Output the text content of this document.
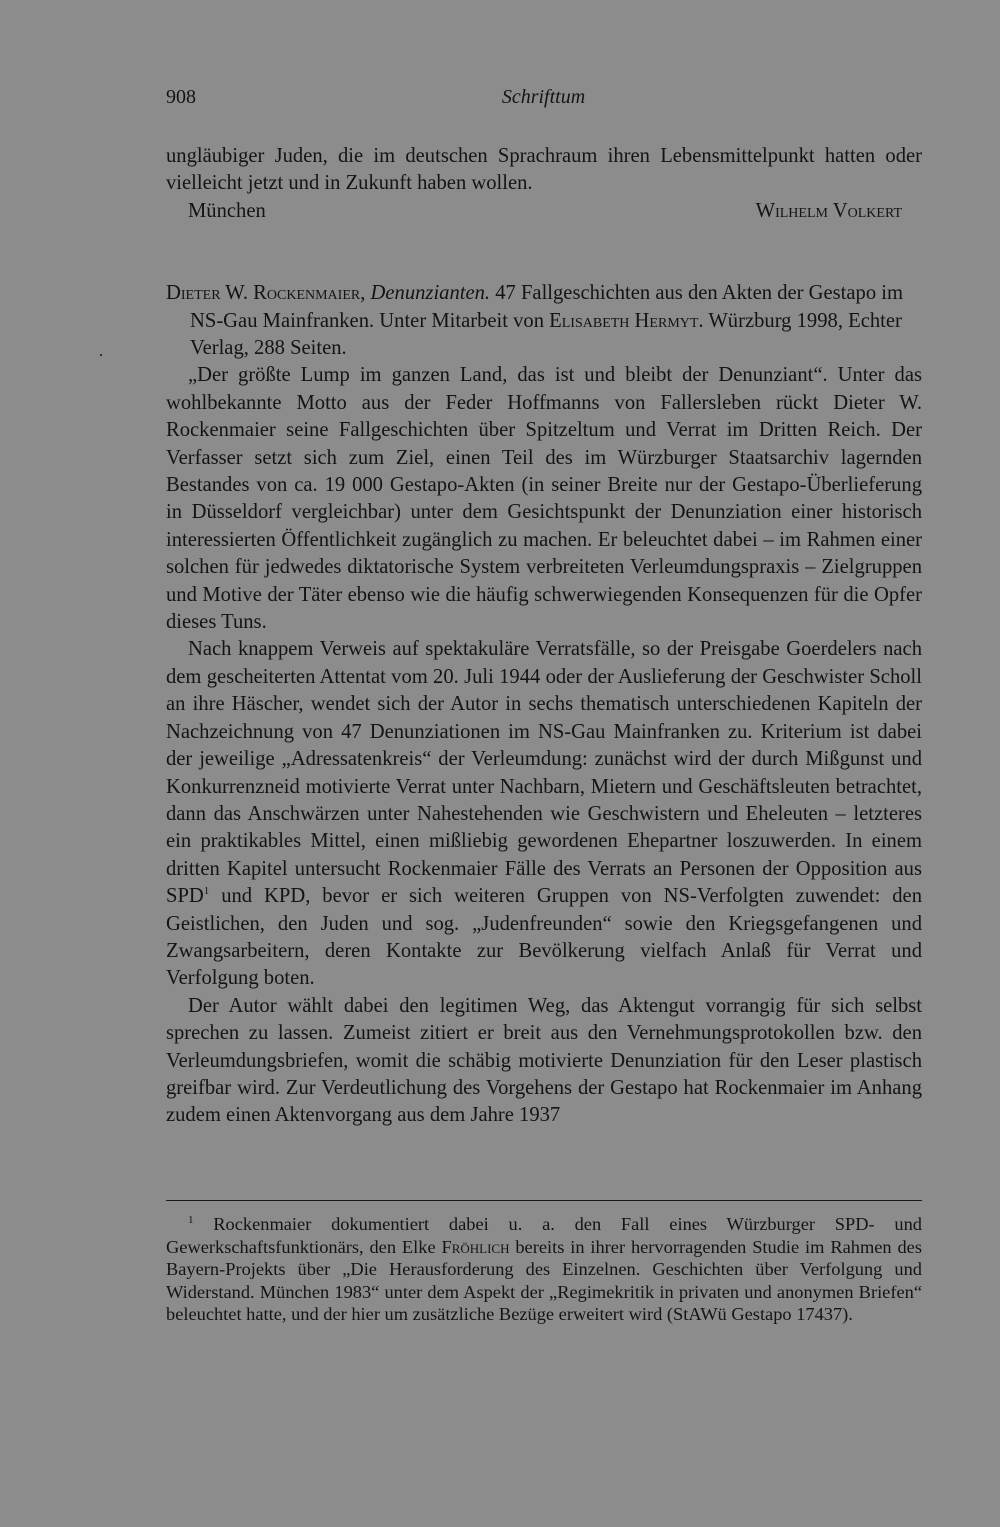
908	Schrifttum

ungläubiger Juden, die im deutschen Sprachraum ihren Lebensmittelpunkt hatten oder vielleicht jetzt und in Zukunft haben wollen.

München	Wilhelm Volkert

Dieter W. Rockenmaier, Denunzianten. 47 Fallgeschichten aus den Akten der Gestapo im NS-Gau Mainfranken. Unter Mitarbeit von Elisabeth Hermyt. Würzburg 1998, Echter Verlag, 288 Seiten.

„Der größte Lump im ganzen Land, das ist und bleibt der Denunziant“. Unter das wohlbekannte Motto aus der Feder Hoffmanns von Fallersleben rückt Dieter W. Rockenmaier seine Fallgeschichten über Spitzeltum und Verrat im Dritten Reich. Der Verfasser setzt sich zum Ziel, einen Teil des im Würzburger Staatsarchiv lagernden Bestandes von ca. 19 000 Gestapo-Akten (in seiner Breite nur der Gestapo-Überlieferung in Düsseldorf vergleichbar) unter dem Gesichtspunkt der Denunziation einer historisch interessierten Öffentlichkeit zugänglich zu machen. Er beleuchtet dabei – im Rahmen einer solchen für jedwedes diktatorische System verbreiteten Verleumdungspraxis – Zielgruppen und Motive der Täter ebenso wie die häufig schwerwiegenden Konsequenzen für die Opfer dieses Tuns.

Nach knappem Verweis auf spektakuläre Verratsfälle, so der Preisgabe Goerdelers nach dem gescheiterten Attentat vom 20. Juli 1944 oder der Auslieferung der Geschwister Scholl an ihre Häscher, wendet sich der Autor in sechs thematisch unterschiedenen Kapiteln der Nachzeichnung von 47 Denunziationen im NS-Gau Mainfranken zu. Kriterium ist dabei der jeweilige „Adressatenkreis“ der Verleumdung: zunächst wird der durch Mißgunst und Konkurrenzneid motivierte Verrat unter Nachbarn, Mietern und Geschäftsleuten betrachtet, dann das Anschwärzen unter Nahestehenden wie Geschwistern und Eheleuten – letzteres ein praktikables Mittel, einen mißliebig gewordenen Ehepartner loszuwerden. In einem dritten Kapitel untersucht Rockenmaier Fälle des Verrats an Personen der Opposition aus SPD$^1$ und KPD, bevor er sich weiteren Gruppen von NS-Verfolgten zuwendet: den Geistlichen, den Juden und sog. „Judenfreunden“ sowie den Kriegsgefangenen und Zwangsarbeitern, deren Kontakte zur Bevölkerung vielfach Anlaß für Verrat und Verfolgung boten.

Der Autor wählt dabei den legitimen Weg, das Aktengut vorrangig für sich selbst sprechen zu lassen. Zumeist zitiert er breit aus den Vernehmungsprotokollen bzw. den Verleumdungsbriefen, womit die schäbig motivierte Denunziation für den Leser plastisch greifbar wird. Zur Verdeutlichung des Vorgehens der Gestapo hat Rockenmaier im Anhang zudem einen Aktenvorgang aus dem Jahre 1937

$^1$ Rockenmaier dokumentiert dabei u. a. den Fall eines Würzburger SPD- und Gewerkschaftsfunktionärs, den Elke Fröhlich bereits in ihrer hervorragenden Studie im Rahmen des Bayern-Projekts über „Die Herausforderung des Einzelnen. Geschichten über Verfolgung und Widerstand. München 1983“ unter dem Aspekt der „Regimekritik in privaten und anonymen Briefen“ beleuchtet hatte, und der hier um zusätzliche Bezüge erweitert wird (StAWü Gestapo 17437).
